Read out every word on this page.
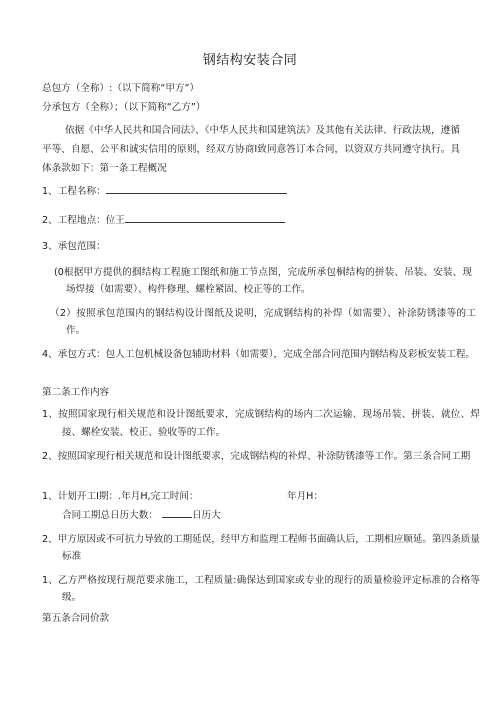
钢结构安装合同
总包方（全称）:（以下简称“甲方”）
分承包方（全称）；（以下简称“乙方”）
依据《中华人民共和国合同法》、《中华人民共和国建筑法》及其他有关法律、行政法规，遵循平等、自愿、公平和诚实信用的原则，经双方协商I致同意答订本合同，以资双方共同遵守执行。具体条款如下：第一条工程概况
1、工程名称：
2、工程地点：位王
3、承包范围：
(0根据甲方提供的掴结构工程施工图纸和施工节点图，完成所承包桐结构的拼装、吊装、安装、现场焊接（如需要）、构件修理、螺栓紧固、校正等的工作。
（2）按照承包范围内的钢结构设计图纸及说明，完成钢结构的补焊（如需要）、补涂防锈漆等的工作。
4、承包方式：包人工包机械设备包辅助材料（如需要），完成全部合同范围内钢结构及彩板安装工程。
第二条工作内容
1、按照国家现行相关规范和设计图纸要求，完成钢结构的场内二次运输、现场吊装、拼装、就位、焊接、螺栓安装、校正、验收等的工作。
2、按照国家现行相关规范和设计图纸要求，完成钢结构的补焊、补涂防锈漆等工作。第三条合同工期
1、计划开工I期：.年月H,完工时间：	年月H：
合同工期总日历大数：	日历大
2、甲方原因或不可抗力导致的工期延误，经甲方和监理工程师书面确认后，工期相应顺延。第四条质量标准
1、乙方严格按现行规范要求施工，工程质量:确保达到国家或专业的现行的质量检验评定标准的合格等级。
第五条合同价款
